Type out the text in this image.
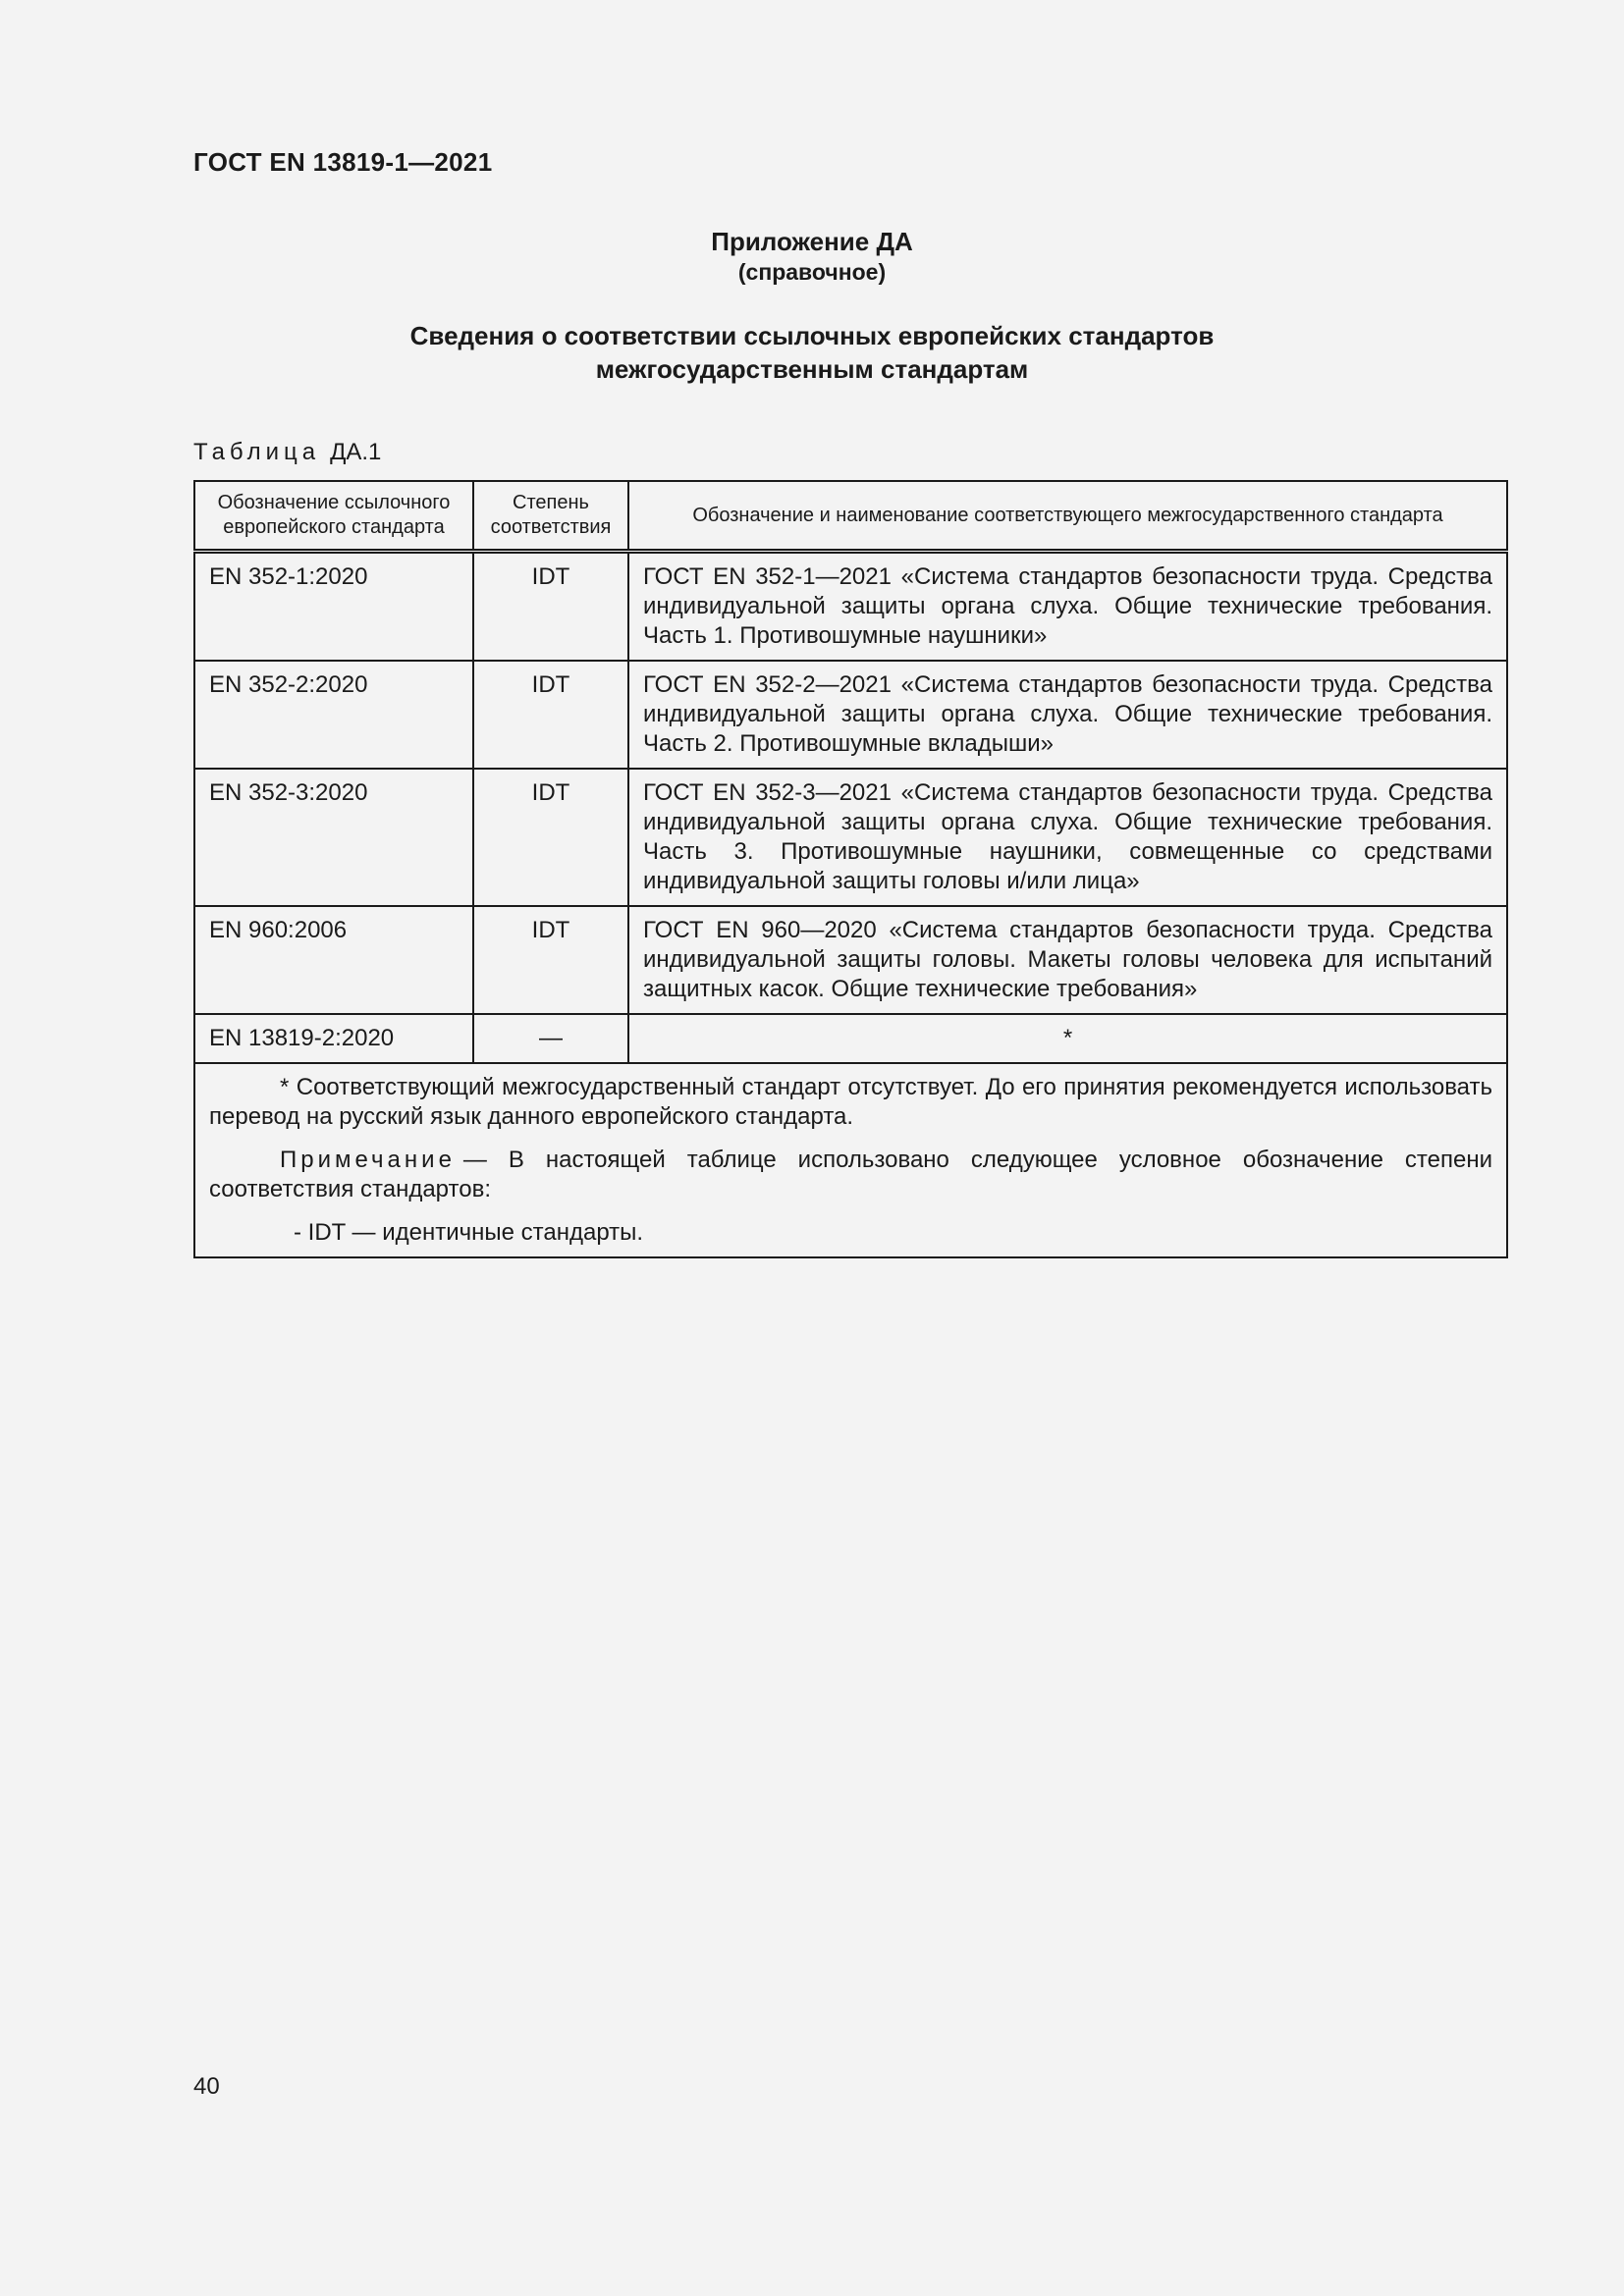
ГОСТ EN 13819-1—2021
Приложение ДА
(справочное)
Сведения о соответствии ссылочных европейских стандартов
межгосударственным стандартам
Таблица ДА.1
Обозначение ссылочного европейского стандарта	Степень соответствия	Обозначение и наименование соответствующего межгосударственного стандарта
EN 352-1:2020	IDT	ГОСТ EN 352-1—2021 «Система стандартов безопасности труда. Средства индивидуальной защиты органа слуха. Общие технические требования. Часть 1. Противошумные наушники»
EN 352-2:2020	IDT	ГОСТ EN 352-2—2021 «Система стандартов безопасности труда. Средства индивидуальной защиты органа слуха. Общие технические требования. Часть 2. Противошумные вкладыши»
EN 352-3:2020	IDT	ГОСТ EN 352-3—2021 «Система стандартов безопасности труда. Средства индивидуальной защиты органа слуха. Общие технические требования. Часть 3. Противошумные наушники, совмещенные со средствами индивидуальной защиты головы и/или лица»
EN 960:2006	IDT	ГОСТ EN 960—2020 «Система стандартов безопасности труда. Средства индивидуальной защиты головы. Макеты головы человека для испытаний защитных касок. Общие технические требования»
EN 13819-2:2020	—	*

* Соответствующий межгосударственный стандарт отсутствует. До его принятия рекомендуется использовать перевод на русский язык данного европейского стандарта.

Примечание — В настоящей таблице использовано следующее условное обозначение степени соответствия стандартов:

- IDT — идентичные стандарты.		
40
